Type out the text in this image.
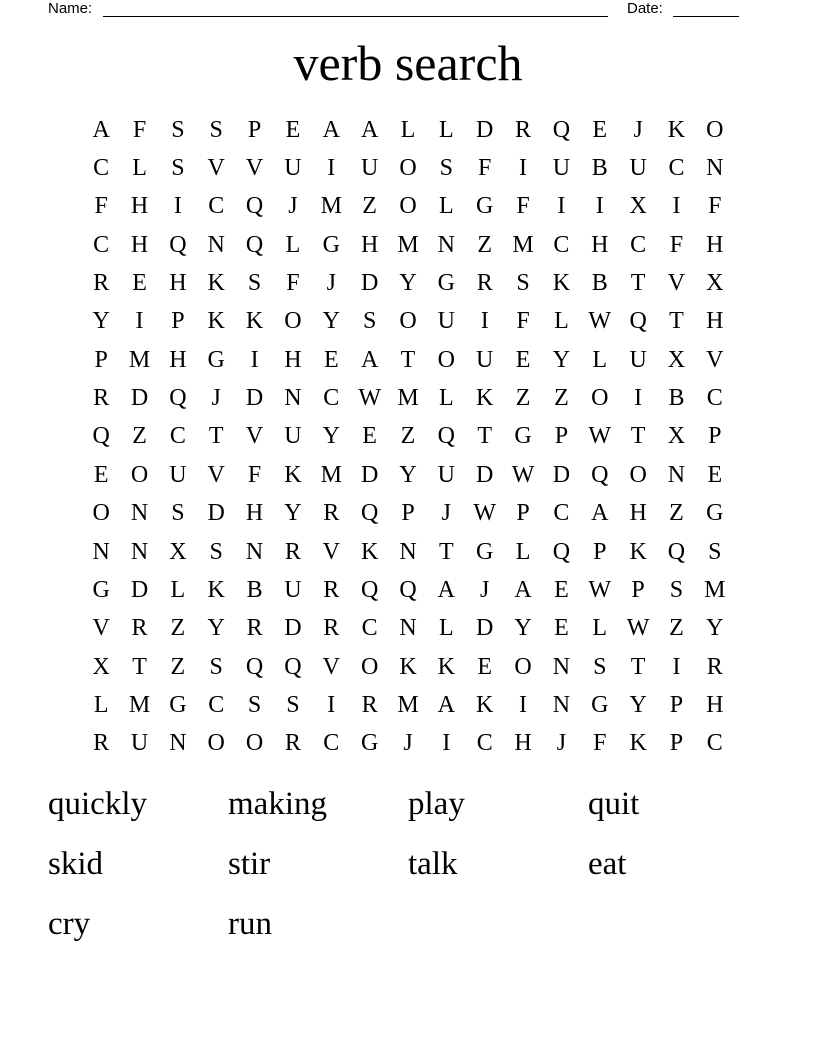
Name:	Date:
verb search
A F	S	S	P	E A A L L D R Q E	J	K O
C L	S V V U	I	U O S	F	I	U B U C N
F H	I	C Q	J M Z O L G F	I	I	X	I	F
C H Q N Q L G H M N Z M C H C F H
R E H K S	F	J	D Y G R S K B T V X
Y	I	P K K O Y S O U	I	F	L W Q T H
P M H G	I	H E A T O U E Y L U X V
R D Q	J	D N C W M L K Z Z O	I	B C
Q Z C T V U Y E Z Q T G P W T X P
E O U V F K M D Y U D W D Q O N E
O N S D H Y R Q P	J W P C A H Z G
N N X S N R V K N T G L Q P K Q S
G D L K B U R Q Q A	J	A E W P	S M
V R Z Y R D R C N L D Y E L W Z Y
X T Z	S Q Q V O K K E O N S	T	I	R
L M G C S	S	I	R M A K	I	N G Y P H
R U N O O R C G	J	I	C H	J	F K P C
quickly	making	play	quit
skid	stir	talk	eat
cry	run
